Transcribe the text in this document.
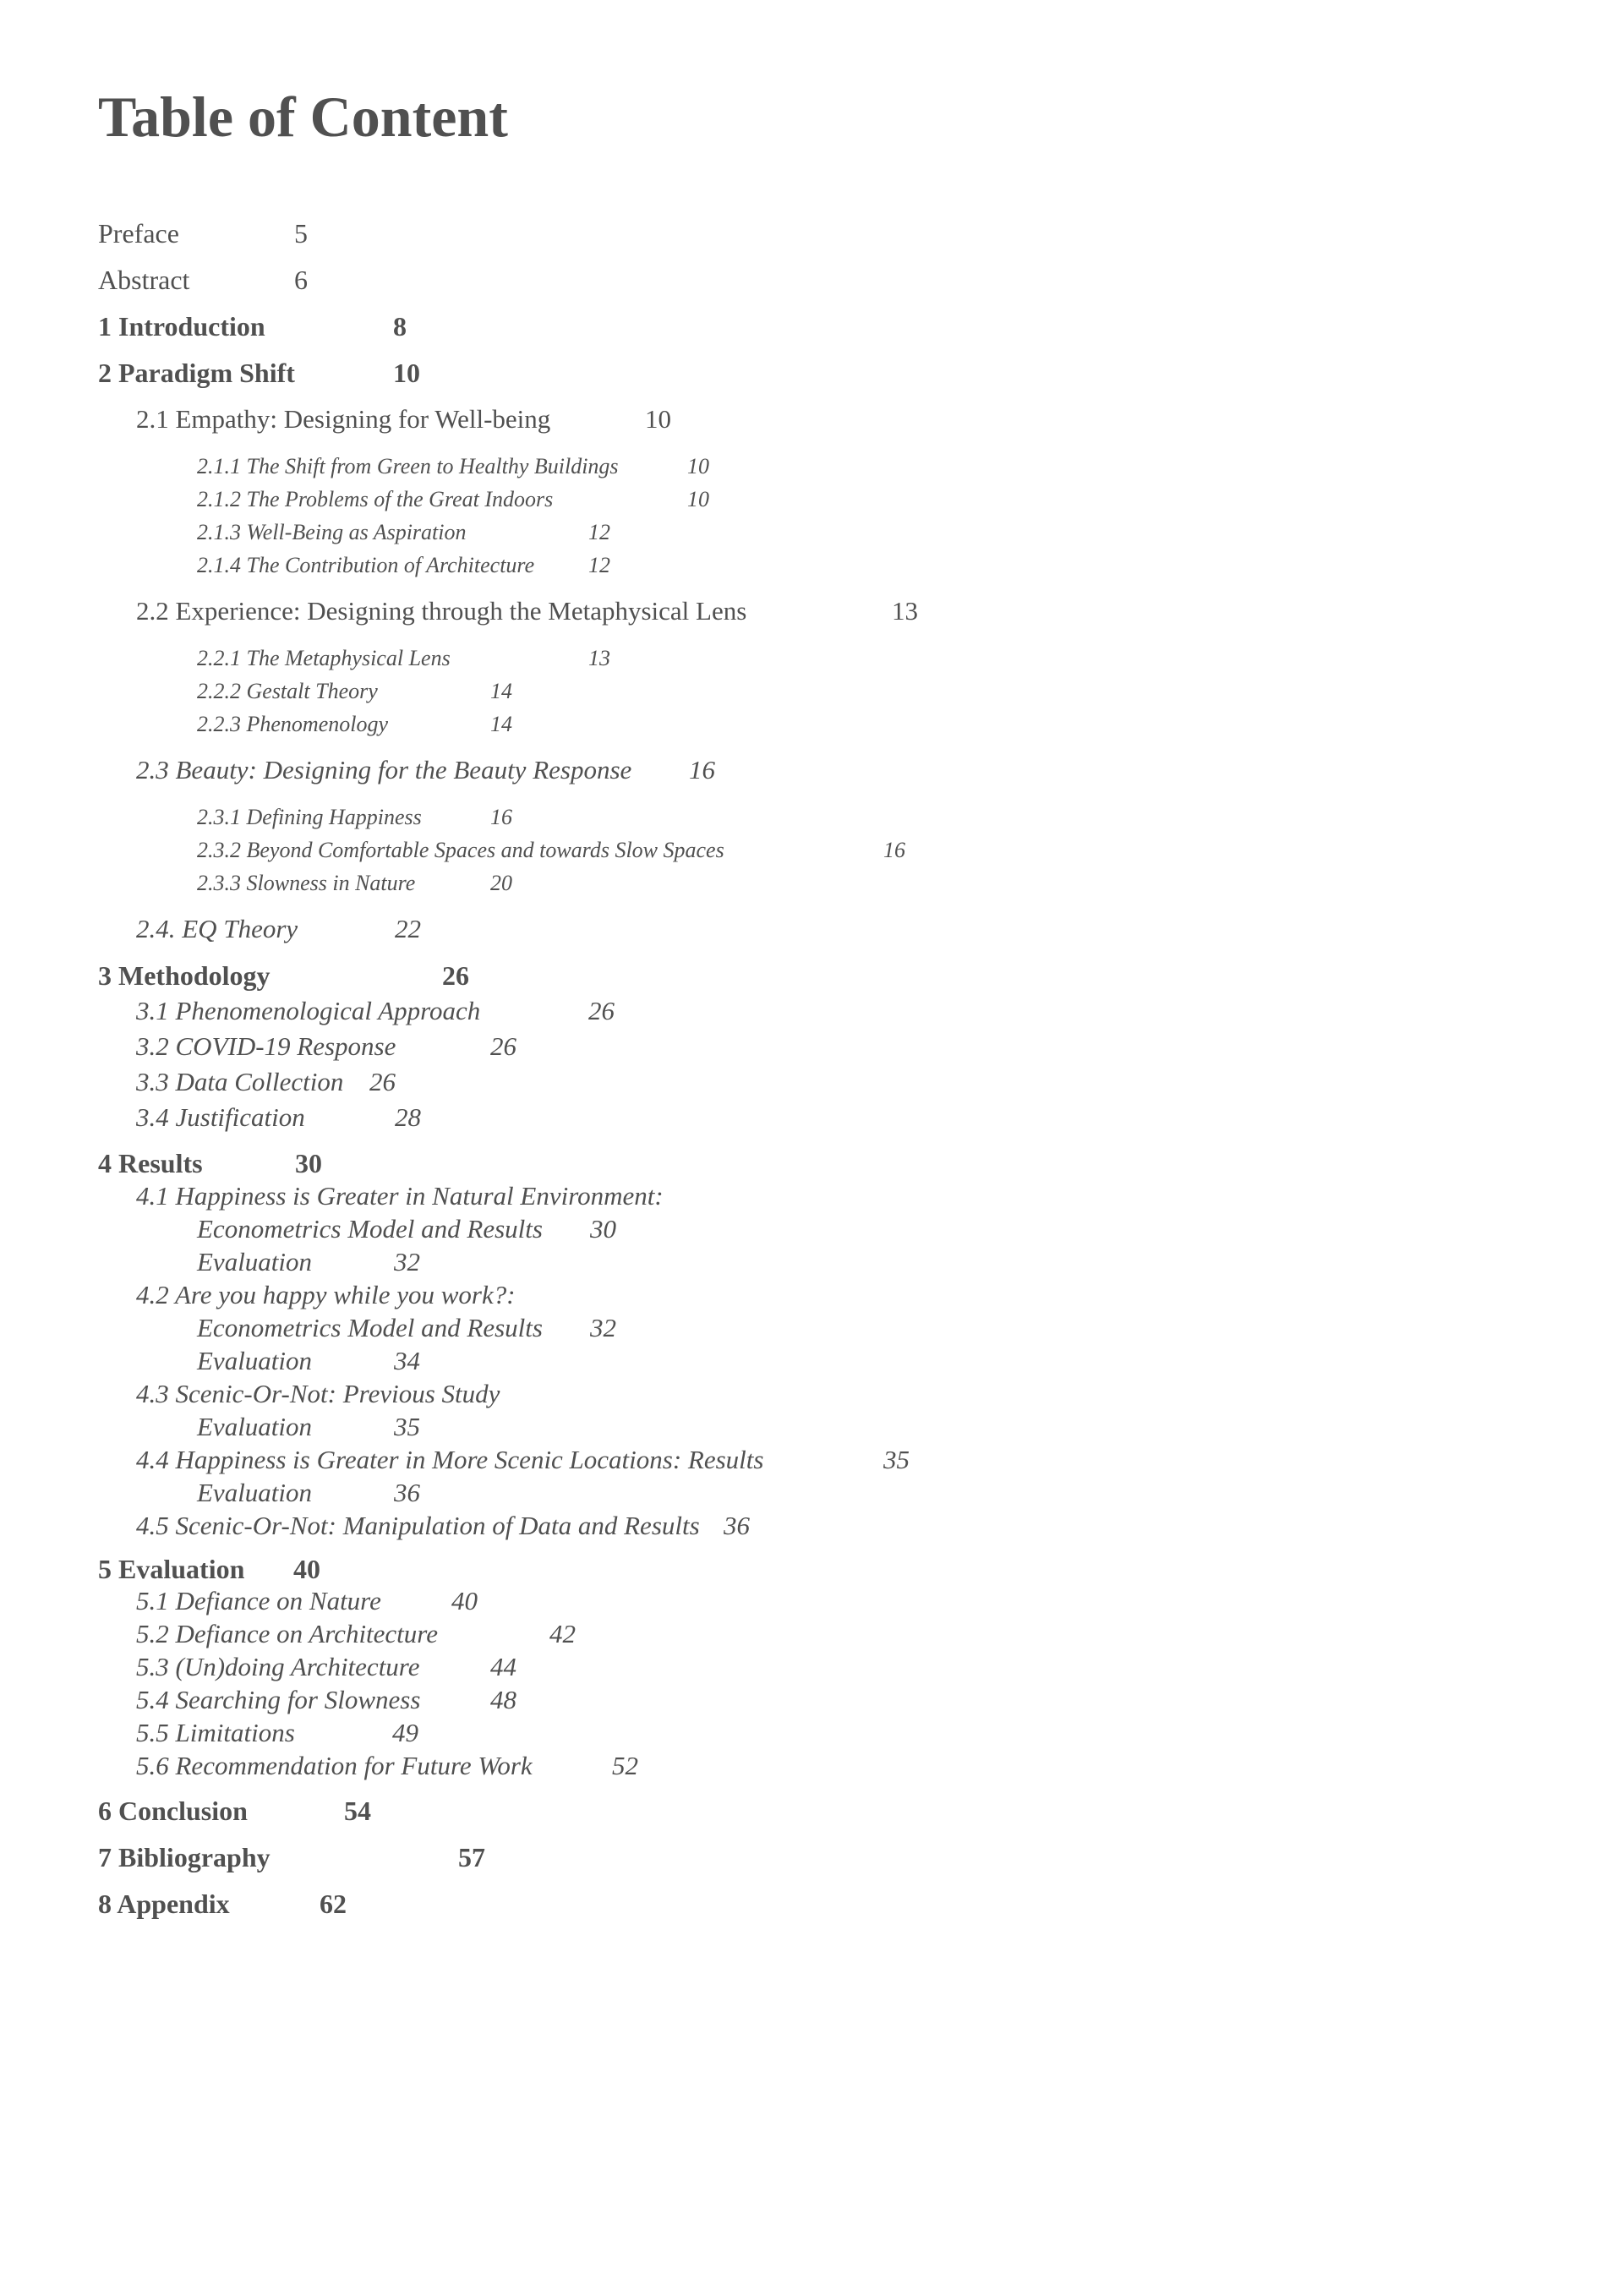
Table of Content
Preface	5
Abstract	6
1 Introduction	8
2 Paradigm Shift	10
2.1 Empathy: Designing for Well-being	10
2.1.1 The Shift from Green to Healthy Buildings	10
2.1.2 The Problems of the Great Indoors	10
2.1.3 Well-Being as Aspiration	12
2.1.4 The Contribution of Architecture 12
2.2 Experience: Designing through the Metaphysical Lens	13
2.2.1 The Metaphysical Lens	13
2.2.2 Gestalt Theory	14
2.2.3 Phenomenology	14
2.3 Beauty: Designing for the Beauty Response 16
2.3.1 Defining Happiness	16
2.3.2 Beyond Comfortable Spaces and towards Slow Spaces	16
2.3.3 Slowness in Nature	20
2.4. EQ Theory	22
3 Methodology	26
3.1 Phenomenological Approach	26
3.2 COVID-19 Response	26
3.3 Data Collection 26
3.4 Justification	28
4 Results	30
4.1 Happiness is Greater in Natural Environment:
Econometrics Model and Results 30
Evaluation	32
4.2 Are you happy while you work?:
Econometrics Model and Results 32
Evaluation	34
4.3 Scenic-Or-Not: Previous Study
Evaluation	35
4.4 Happiness is Greater in More Scenic Locations: Results	35
Evaluation	36
4.5 Scenic-Or-Not: Manipulation of Data and Results 36
5 Evaluation 40
5.1 Defiance on Nature	40
5.2 Defiance on Architecture	42
5.3 (Un)doing Architecture	44
5.4 Searching for Slowness	48
5.5 Limitations	49
5.6 Recommendation for Future Work	52
6 Conclusion	54
7 Bibliography	57
8 Appendix	62
